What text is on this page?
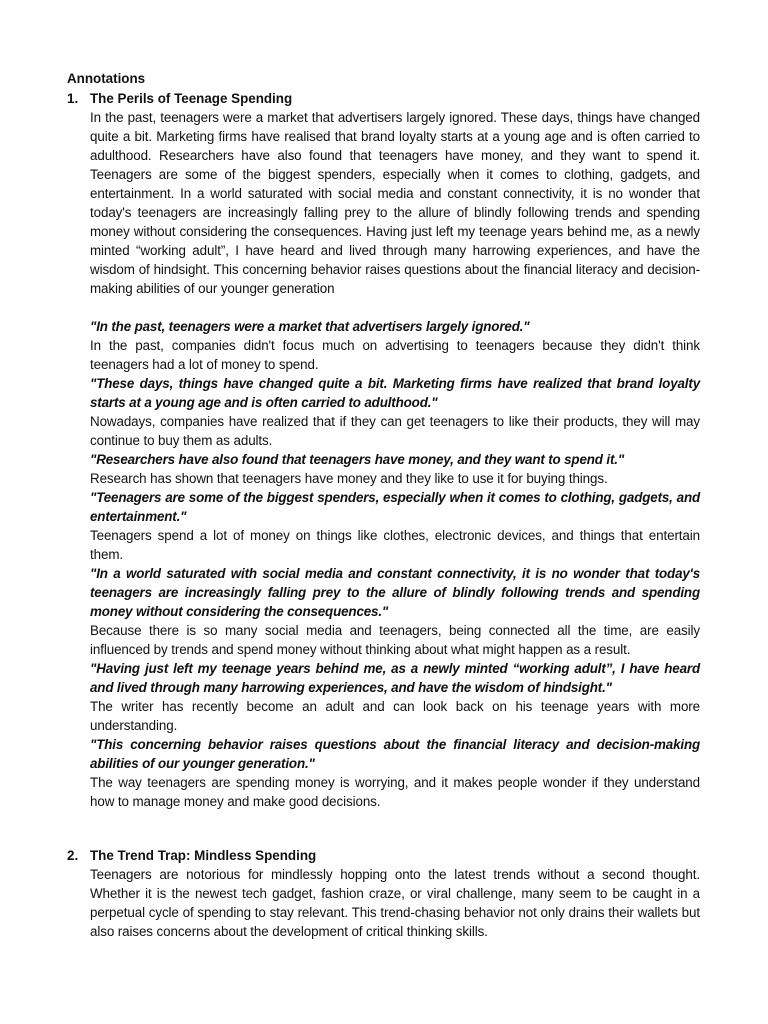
Annotations
1. The Perils of Teenage Spending

In the past, teenagers were a market that advertisers largely ignored. These days, things have changed quite a bit. Marketing firms have realised that brand loyalty starts at a young age and is often carried to adulthood. Researchers have also found that teenagers have money, and they want to spend it. Teenagers are some of the biggest spenders, especially when it comes to clothing, gadgets, and entertainment. In a world saturated with social media and constant connectivity, it is no wonder that today's teenagers are increasingly falling prey to the allure of blindly following trends and spending money without considering the consequences. Having just left my teenage years behind me, as a newly minted “working adult”, I have heard and lived through many harrowing experiences, and have the wisdom of hindsight. This concerning behavior raises questions about the financial literacy and decision-making abilities of our younger generation

"In the past, teenagers were a market that advertisers largely ignored."

In the past, companies didn't focus much on advertising to teenagers because they didn't think teenagers had a lot of money to spend.

"These days, things have changed quite a bit. Marketing firms have realized that brand loyalty starts at a young age and is often carried to adulthood."

Nowadays, companies have realized that if they can get teenagers to like their products, they will may continue to buy them as adults.

"Researchers have also found that teenagers have money, and they want to spend it."

Research has shown that teenagers have money and they like to use it for buying things.

"Teenagers are some of the biggest spenders, especially when it comes to clothing, gadgets, and entertainment."

Teenagers spend a lot of money on things like clothes, electronic devices, and things that entertain them.

"In a world saturated with social media and constant connectivity, it is no wonder that today's teenagers are increasingly falling prey to the allure of blindly following trends and spending money without considering the consequences."

Because there is so many social media and teenagers, being connected all the time, are easily influenced by trends and spend money without thinking about what might happen as a result.

"Having just left my teenage years behind me, as a newly minted “working adult”, I have heard and lived through many harrowing experiences, and have the wisdom of hindsight."

The writer has recently become an adult and can look back on his teenage years with more understanding.

"This concerning behavior raises questions about the financial literacy and decision-making abilities of our younger generation."

The way teenagers are spending money is worrying, and it makes people wonder if they understand how to manage money and make good decisions.

2. The Trend Trap: Mindless Spending

Teenagers are notorious for mindlessly hopping onto the latest trends without a second thought. Whether it is the newest tech gadget, fashion craze, or viral challenge, many seem to be caught in a perpetual cycle of spending to stay relevant. This trend-chasing behavior not only drains their wallets but also raises concerns about the development of critical thinking skills.
